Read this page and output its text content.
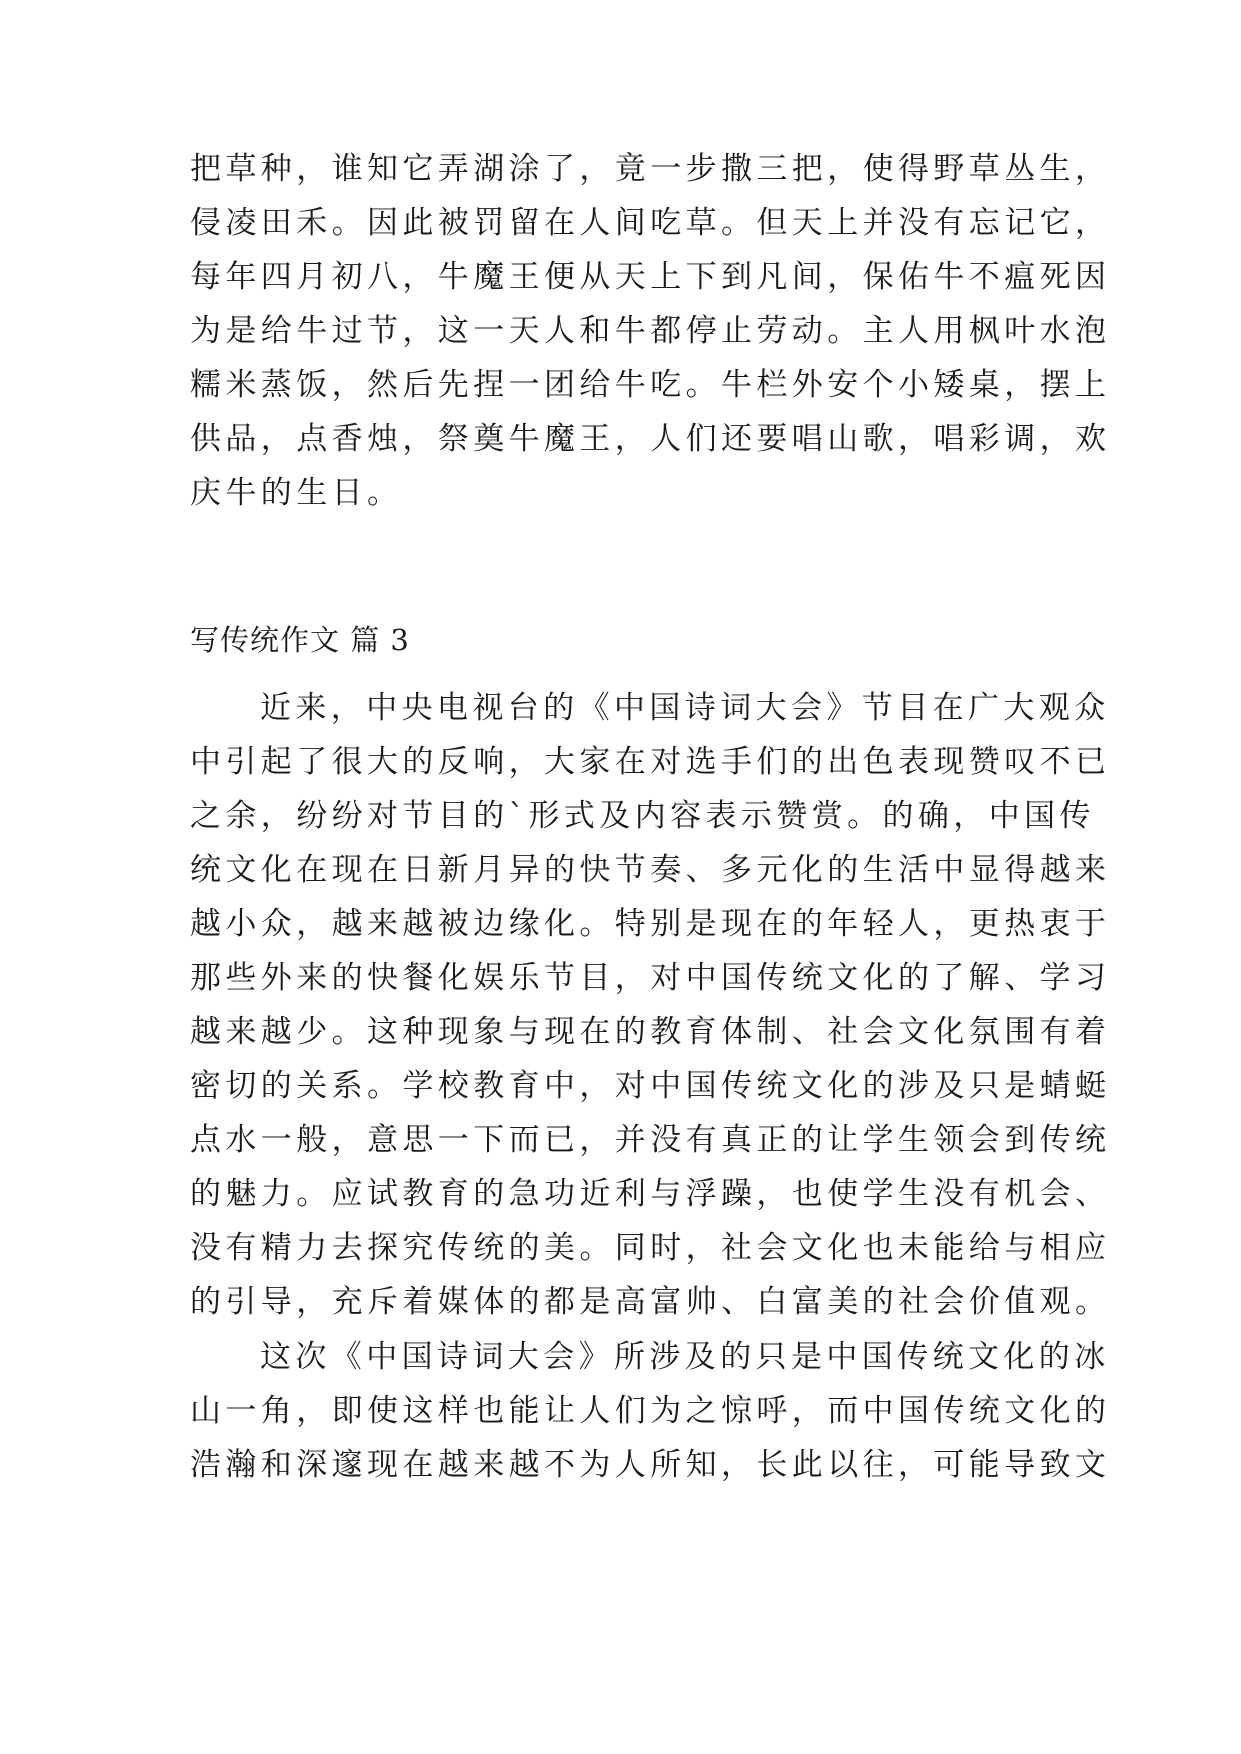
把草种，谁知它弄湖涂了，竟一步撒三把，使得野草丛生，
侵凌田禾。因此被罚留在人间吃草。但天上并没有忘记它，
每年四月初八，牛魔王便从天上下到凡间，保佑牛不瘟死因
为是给牛过节，这一天人和牛都停止劳动。主人用枫叶水泡
糯米蒸饭，然后先捏一团给牛吃。牛栏外安个小矮桌，摆上
供品，点香烛，祭奠牛魔王，人们还要唱山歌，唱彩调，欢
庆牛的生日。
写传统作文 篇 3
近来，中央电视台的《中国诗词大会》节目在广大观众
中引起了很大的反响，大家在对选手们的出色表现赞叹不已
之余，纷纷对节目的`形式及内容表示赞赏。的确，中国传
统文化在现在日新月异的快节奏、多元化的生活中显得越来
越小众，越来越被边缘化。特别是现在的年轻人，更热衷于
那些外来的快餐化娱乐节目，对中国传统文化的了解、学习
越来越少。这种现象与现在的教育体制、社会文化氛围有着
密切的关系。学校教育中，对中国传统文化的涉及只是蜻蜓
点水一般，意思一下而已，并没有真正的让学生领会到传统
的魅力。应试教育的急功近利与浮躁，也使学生没有机会、
没有精力去探究传统的美。同时，社会文化也未能给与相应
的引导，充斥着媒体的都是高富帅、白富美的社会价值观。
这次《中国诗词大会》所涉及的只是中国传统文化的冰
山一角，即使这样也能让人们为之惊呼，而中国传统文化的
浩瀚和深邃现在越来越不为人所知，长此以往，可能导致文
